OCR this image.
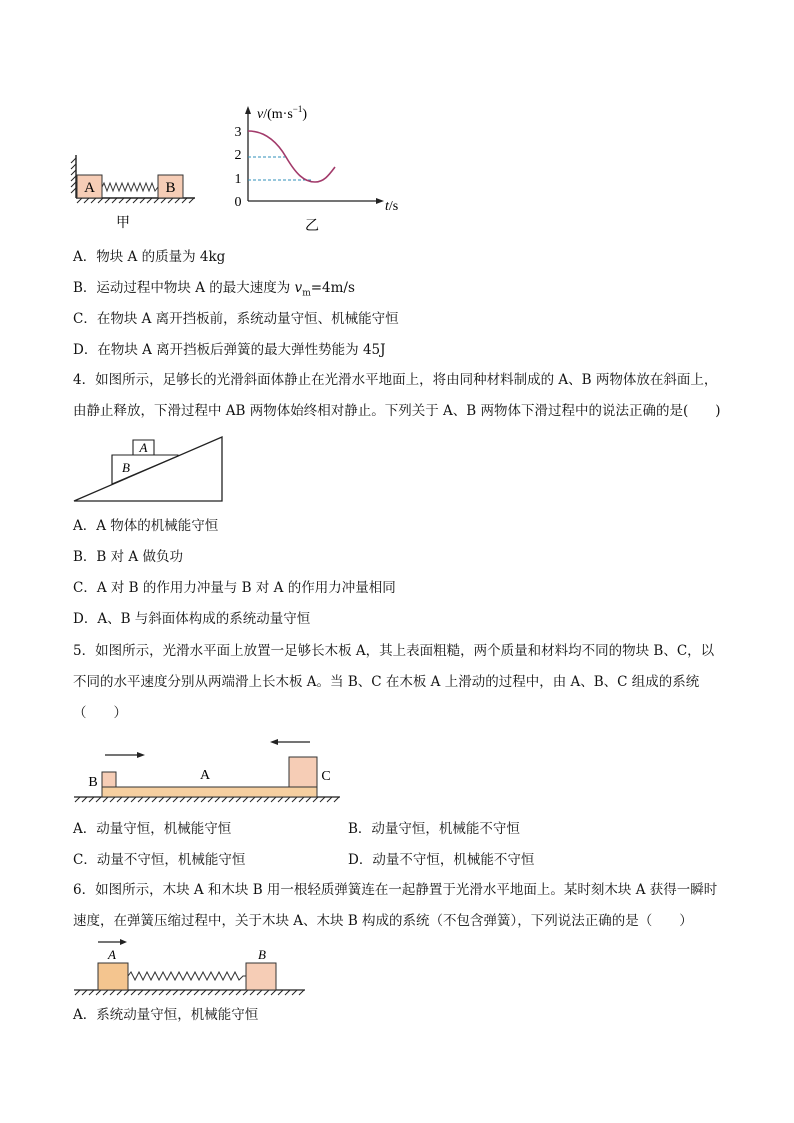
A	B
甲
$v/(m\cdot s^{-1})$
3
2
1
0	t/s
乙
A．物块 A 的质量为 4kg
B．运动过程中物块 A 的最大速度为 $v_m=4m/s$
C．在物块 A 离开挡板前，系统动量守恒、机械能守恒
D．在物块 A 离开挡板后弹簧的最大弹性势能为 45J
4．如图所示，足够长的光滑斜面体静止在光滑水平地面上，将由同种材料制成的 A、B 两物体放在斜面上，由静止释放，下滑过程中 AB 两物体始终相对静止。下列关于 A、B 两物体下滑过程中的说法正确的是(　　)
A
B
A．A 物体的机械能守恒
B．B 对 A 做负功
C．A 对 B 的作用力冲量与 B 对 A 的作用力冲量相同
D．A、B 与斜面体构成的系统动量守恒
5．如图所示，光滑水平面上放置一足够长木板 A，其上表面粗糙，两个质量和材料均不同的物块 B、C，以不同的水平速度分别从两端滑上长木板 A。当 B、C 在木板 A 上滑动的过程中，由 A、B、C 组成的系统（　　）
B	A	C
A．动量守恒，机械能守恒	B．动量守恒，机械能不守恒
C．动量不守恒，机械能守恒	D．动量不守恒，机械能不守恒
6．如图所示，木块 A 和木块 B 用一根轻质弹簧连在一起静置于光滑水平地面上。某时刻木块 A 获得一瞬时速度，在弹簧压缩过程中，关于木块 A、木块 B 构成的系统（不包含弹簧），下列说法正确的是（　　）
A	B
A．系统动量守恒，机械能守恒
